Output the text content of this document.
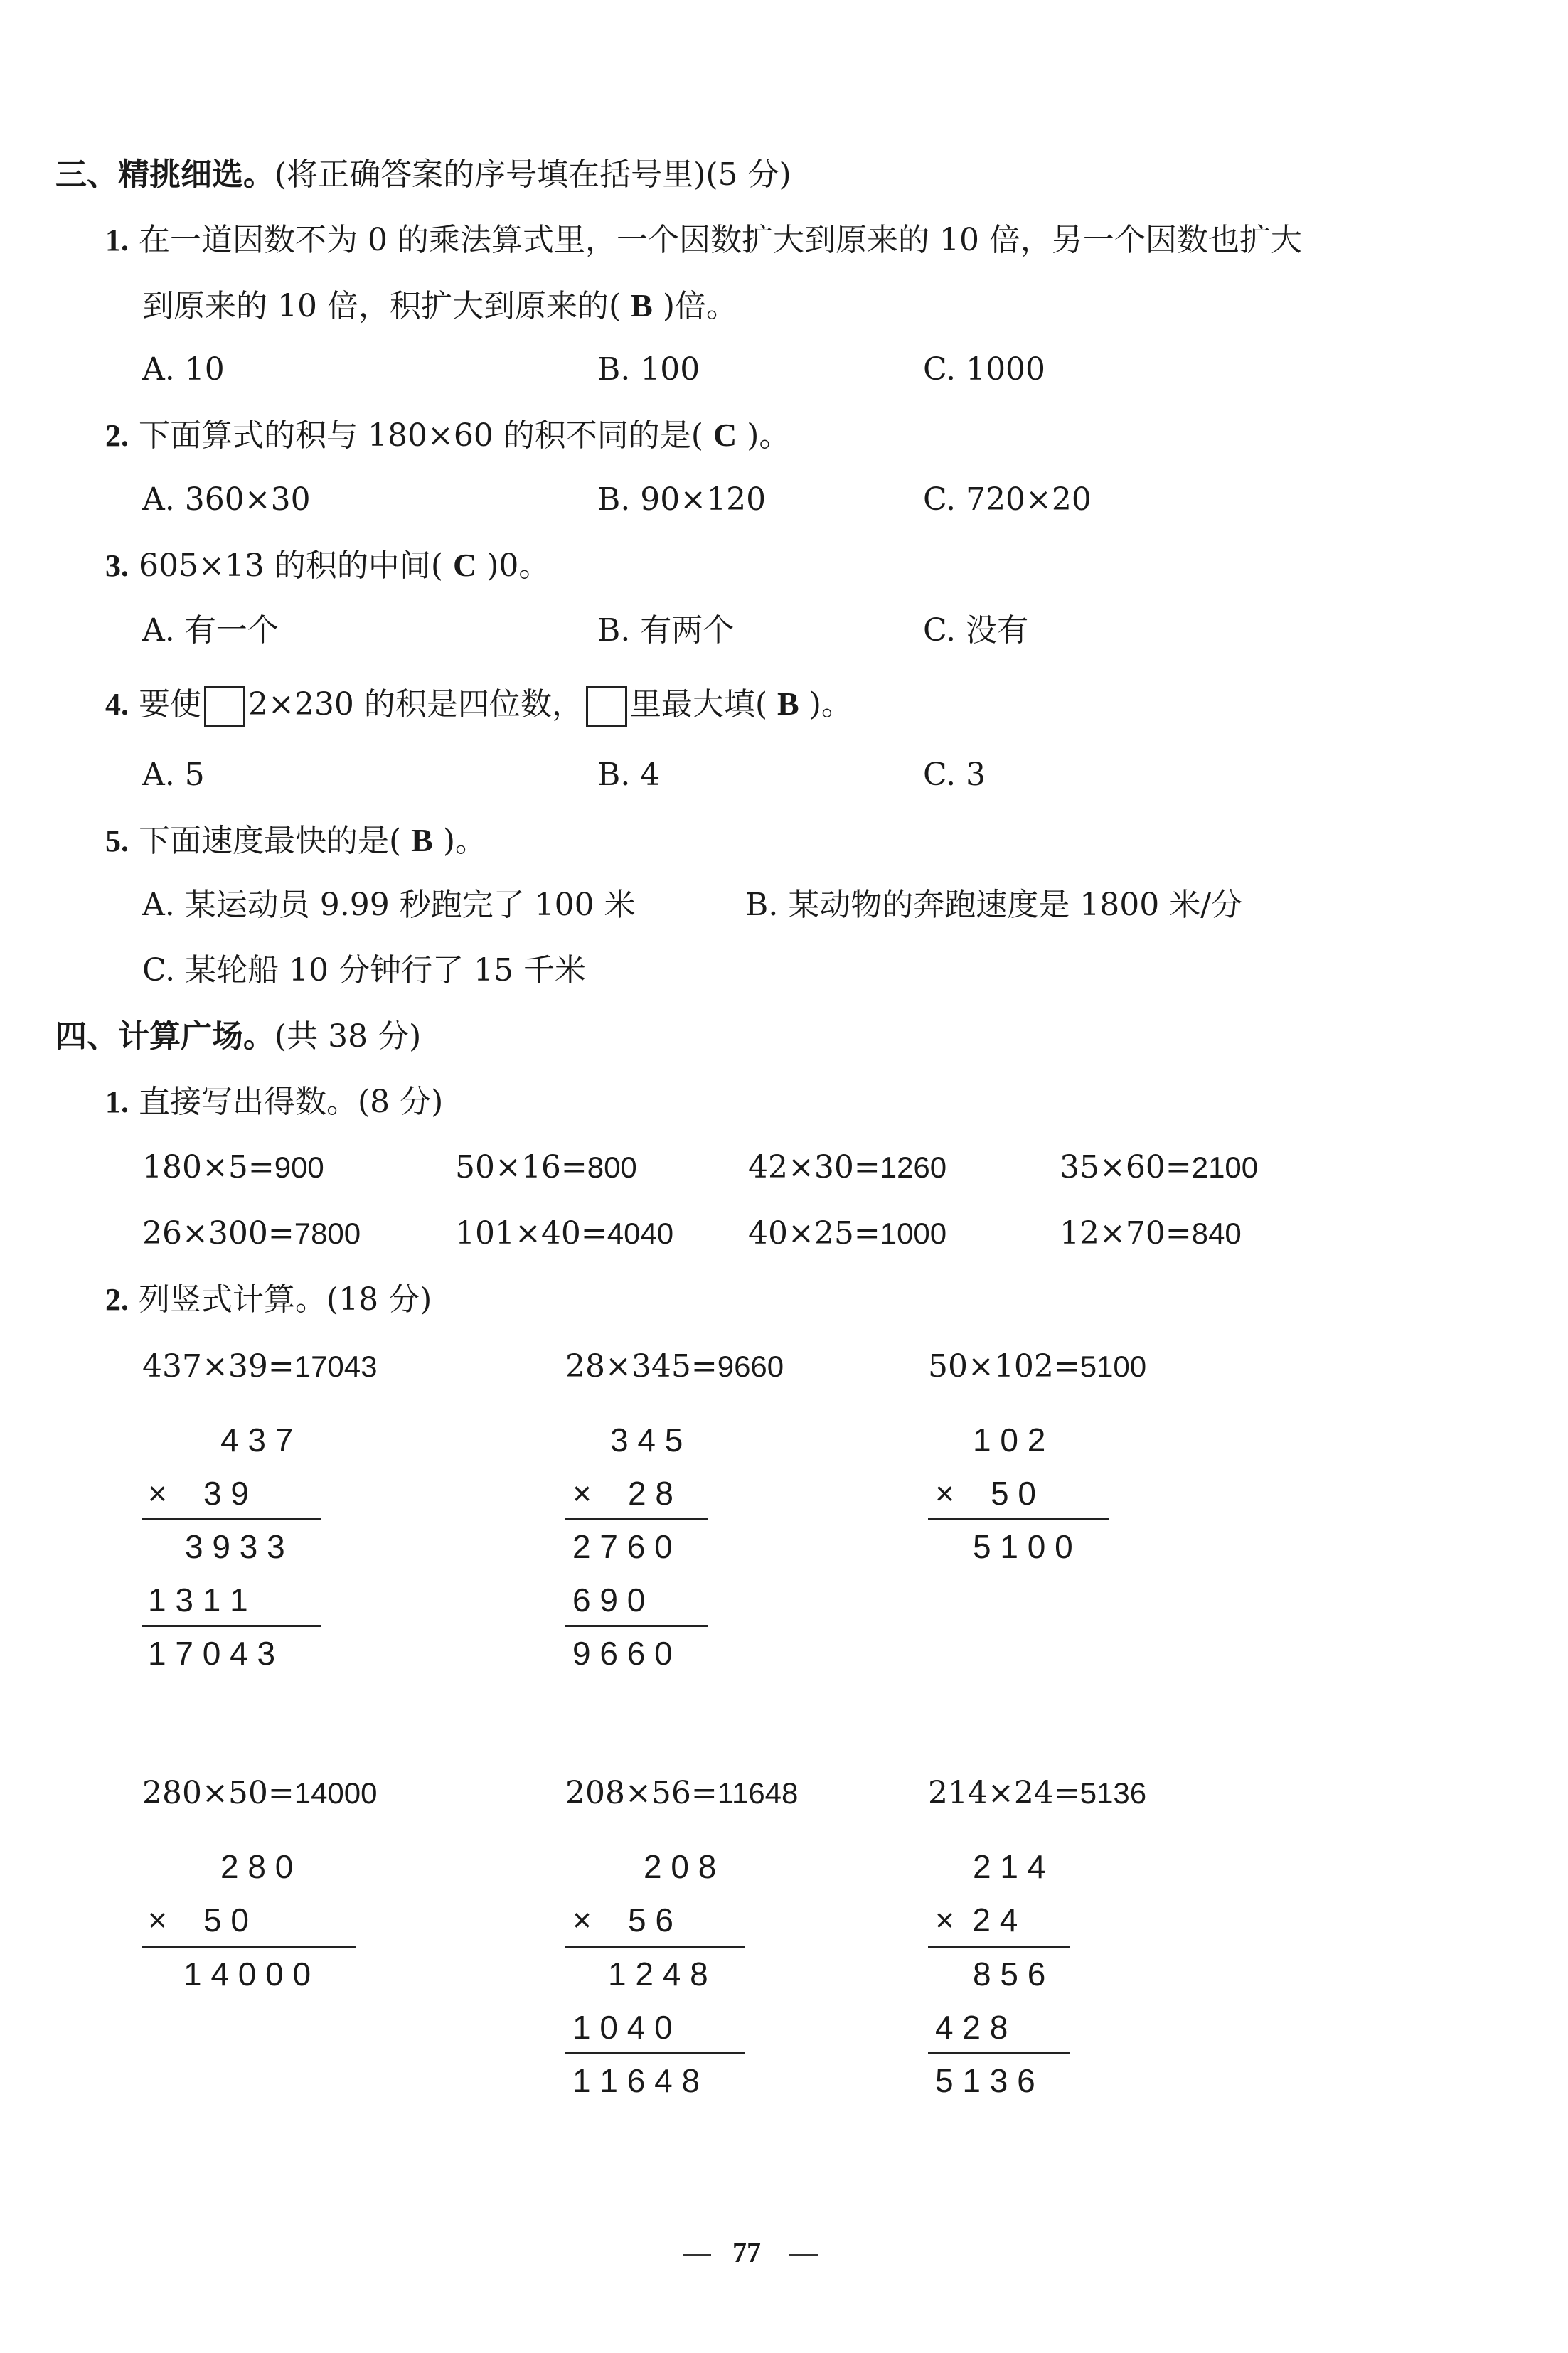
三、精挑细选。(将正确答案的序号填在括号里)(5 分)
1. 在一道因数不为 0 的乘法算式里，一个因数扩大到原来的 10 倍，另一个因数也扩大
到原来的 10 倍，积扩大到原来的( B )倍。
A. 10	B. 100	C. 1000
2. 下面算式的积与 180×60 的积不同的是( C )。
A. 360×30	B. 90×120	C. 720×20
3. 605×13 的积的中间( C )0。
A. 有一个	B. 有两个	C. 没有
4. 要使 2×230 的积是四位数， 里最大填( B )。
A. 5	B. 4	C. 3
5. 下面速度最快的是( B )。
A. 某运动员 9.99 秒跑完了 100 米	B. 某动物的奔跑速度是 1800 米/分
C. 某轮船 10 分钟行了 15 千米
四、计算广场。(共 38 分)
1. 直接写出得数。(8 分)
180×5=900	50×16=800	42×30=1260	35×60=2100
26×300=7800	101×40=4040 40×25=1000	12×70=840
2. 列竖式计算。(18 分)
437×39=17043
4 3 7
×    3 9
3 9 3 3
1 3 1 1
1 7 0 4 3
28×345=9660
3 4 5
×    2 8
2 7 6 0
6 9 0
9 6 6 0
50×102=5100
1 0 2
×    5 0
5 1 0 0
280×50=14000
2 8 0
×    5 0
1 4 0 0 0
208×56=11648
2 0 8
×    5 6
1 2 4 8
1 0 4 0
1 1 6 4 8
214×24=5136
2 1 4
×  2 4
8 5 6
4 2 8
5 1 3 6
77
